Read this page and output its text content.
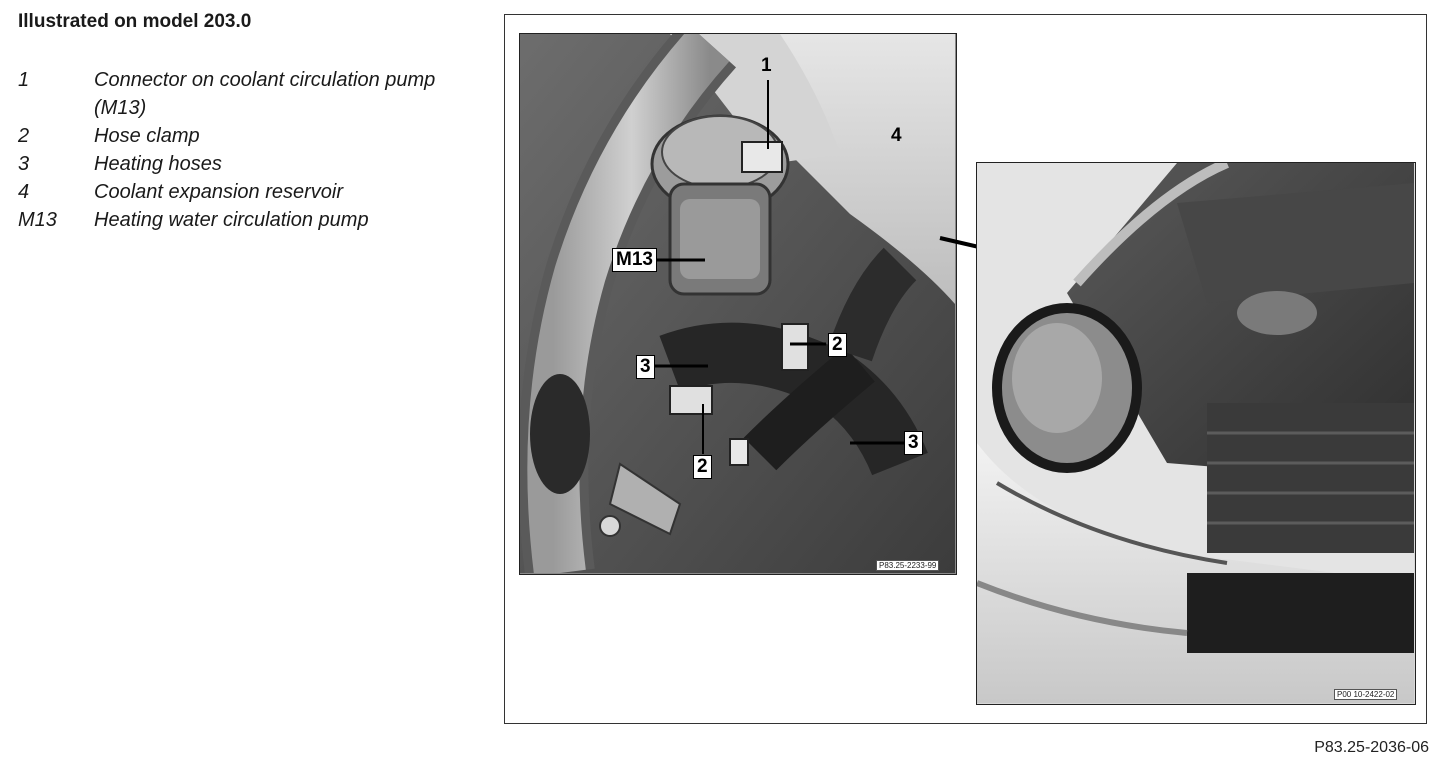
Illustrated on model 203.0
1	Connector on coolant circulation pump (M13)
2	Hose clamp
3	Heating hoses
4	Coolant expansion reservoir
M13	Heating water circulation pump
1
4
M13
2
3
2
3
P83.25-2233-99
P00 10-2422-02
P83.25-2036-06
